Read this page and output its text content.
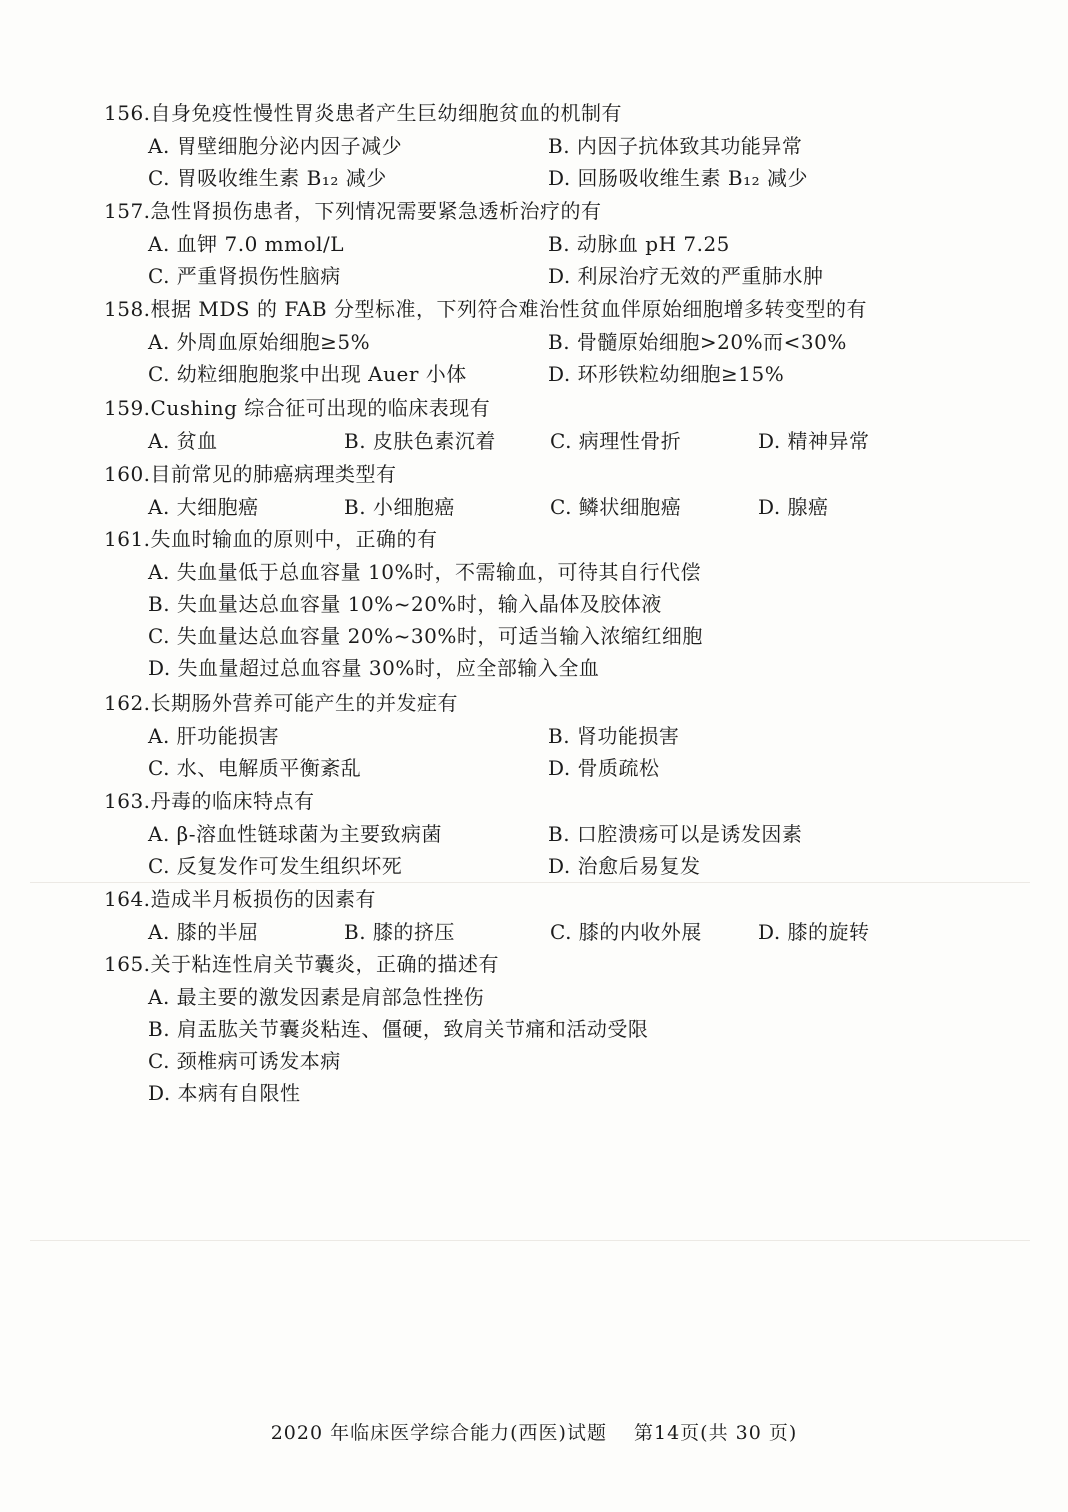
156.自身免疫性慢性胃炎患者产生巨幼细胞贫血的机制有
A. 胃壁细胞分泌内因子减少	B. 内因子抗体致其功能异常
C. 胃吸收维生素 B₁₂ 减少	D. 回肠吸收维生素 B₁₂ 减少
157.急性肾损伤患者，下列情况需要紧急透析治疗的有
A. 血钾 7.0 mmol/L	B. 动脉血 pH 7.25
C. 严重肾损伤性脑病	D. 利尿治疗无效的严重肺水肿
158.根据 MDS 的 FAB 分型标准，下列符合难治性贫血伴原始细胞增多转变型的有
A. 外周血原始细胞≥5%	B. 骨髓原始细胞>20%而<30%
C. 幼粒细胞胞浆中出现 Auer 小体	D. 环形铁粒幼细胞≥15%
159.Cushing 综合征可出现的临床表现有
A. 贫血	B. 皮肤色素沉着	C. 病理性骨折	D. 精神异常
160.目前常见的肺癌病理类型有
A. 大细胞癌	B. 小细胞癌	C. 鳞状细胞癌	D. 腺癌
161.失血时输血的原则中，正确的有
A. 失血量低于总血容量 10%时，不需输血，可待其自行代偿
B. 失血量达总血容量 10%~20%时，输入晶体及胶体液
C. 失血量达总血容量 20%~30%时，可适当输入浓缩红细胞
D. 失血量超过总血容量 30%时，应全部输入全血
162.长期肠外营养可能产生的并发症有
A. 肝功能损害	B. 肾功能损害
C. 水、电解质平衡紊乱	D. 骨质疏松
163.丹毒的临床特点有
A. β-溶血性链球菌为主要致病菌	B. 口腔溃疡可以是诱发因素
C. 反复发作可发生组织坏死	D. 治愈后易复发
164.造成半月板损伤的因素有
A. 膝的半屈	B. 膝的挤压	C. 膝的内收外展	D. 膝的旋转
165.关于粘连性肩关节囊炎，正确的描述有
A. 最主要的激发因素是肩部急性挫伤
B. 肩盂肱关节囊炎粘连、僵硬，致肩关节痛和活动受限
C. 颈椎病可诱发本病
D. 本病有自限性
2020 年临床医学综合能力(西医)试题 第14页(共 30 页)
